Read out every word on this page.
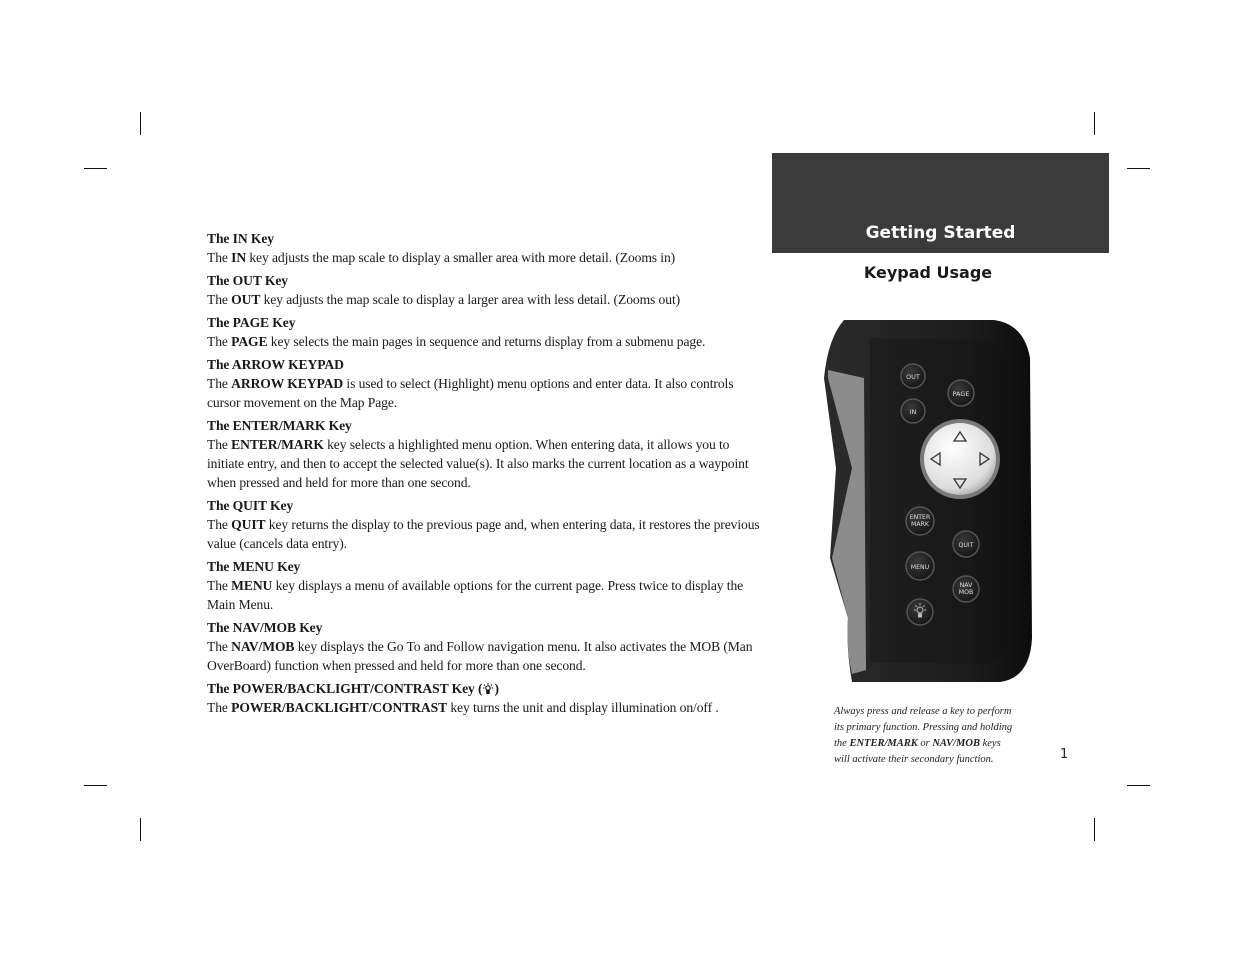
Getting Started
Keypad Usage
The IN Key
The IN key adjusts the map scale to display a smaller area with more detail. (Zooms in)
The OUT Key
The OUT key adjusts the map scale to display a larger area with less detail. (Zooms out)
The PAGE Key
The PAGE key selects the main pages in sequence and returns display from a submenu page.
The ARROW KEYPAD
The ARROW KEYPAD is used to select (Highlight) menu options and enter data. It also controls cursor movement on the Map Page.
The ENTER/MARK Key
The ENTER/MARK key selects a highlighted menu option. When entering data, it allows you to initiate entry, and then to accept the selected value(s). It also marks the current location as a waypoint when pressed and held for more than one second.
The QUIT Key
The QUIT key returns the display to the previous page and, when entering data, it restores the previous value (cancels data entry).
The MENU Key
The MENU key displays a menu of available options for the current page. Press twice to display the Main Menu.
The NAV/MOB Key
The NAV/MOB key displays the Go To and Follow navigation menu. It also activates the MOB (Man OverBoard) function when pressed and held for more than one second.
The POWER/BACKLIGHT/CONTRAST Key ( )
The POWER/BACKLIGHT/CONTRAST key turns the unit and display illumination on/off .
OUT
IN
PAGE
ENTER
MARK
QUIT
MENU
NAV
MOB
Always press and release a key to perform
its primary function. Pressing and holding
the ENTER/MARK or NAV/MOB keys
will activate their secondary function.	1
